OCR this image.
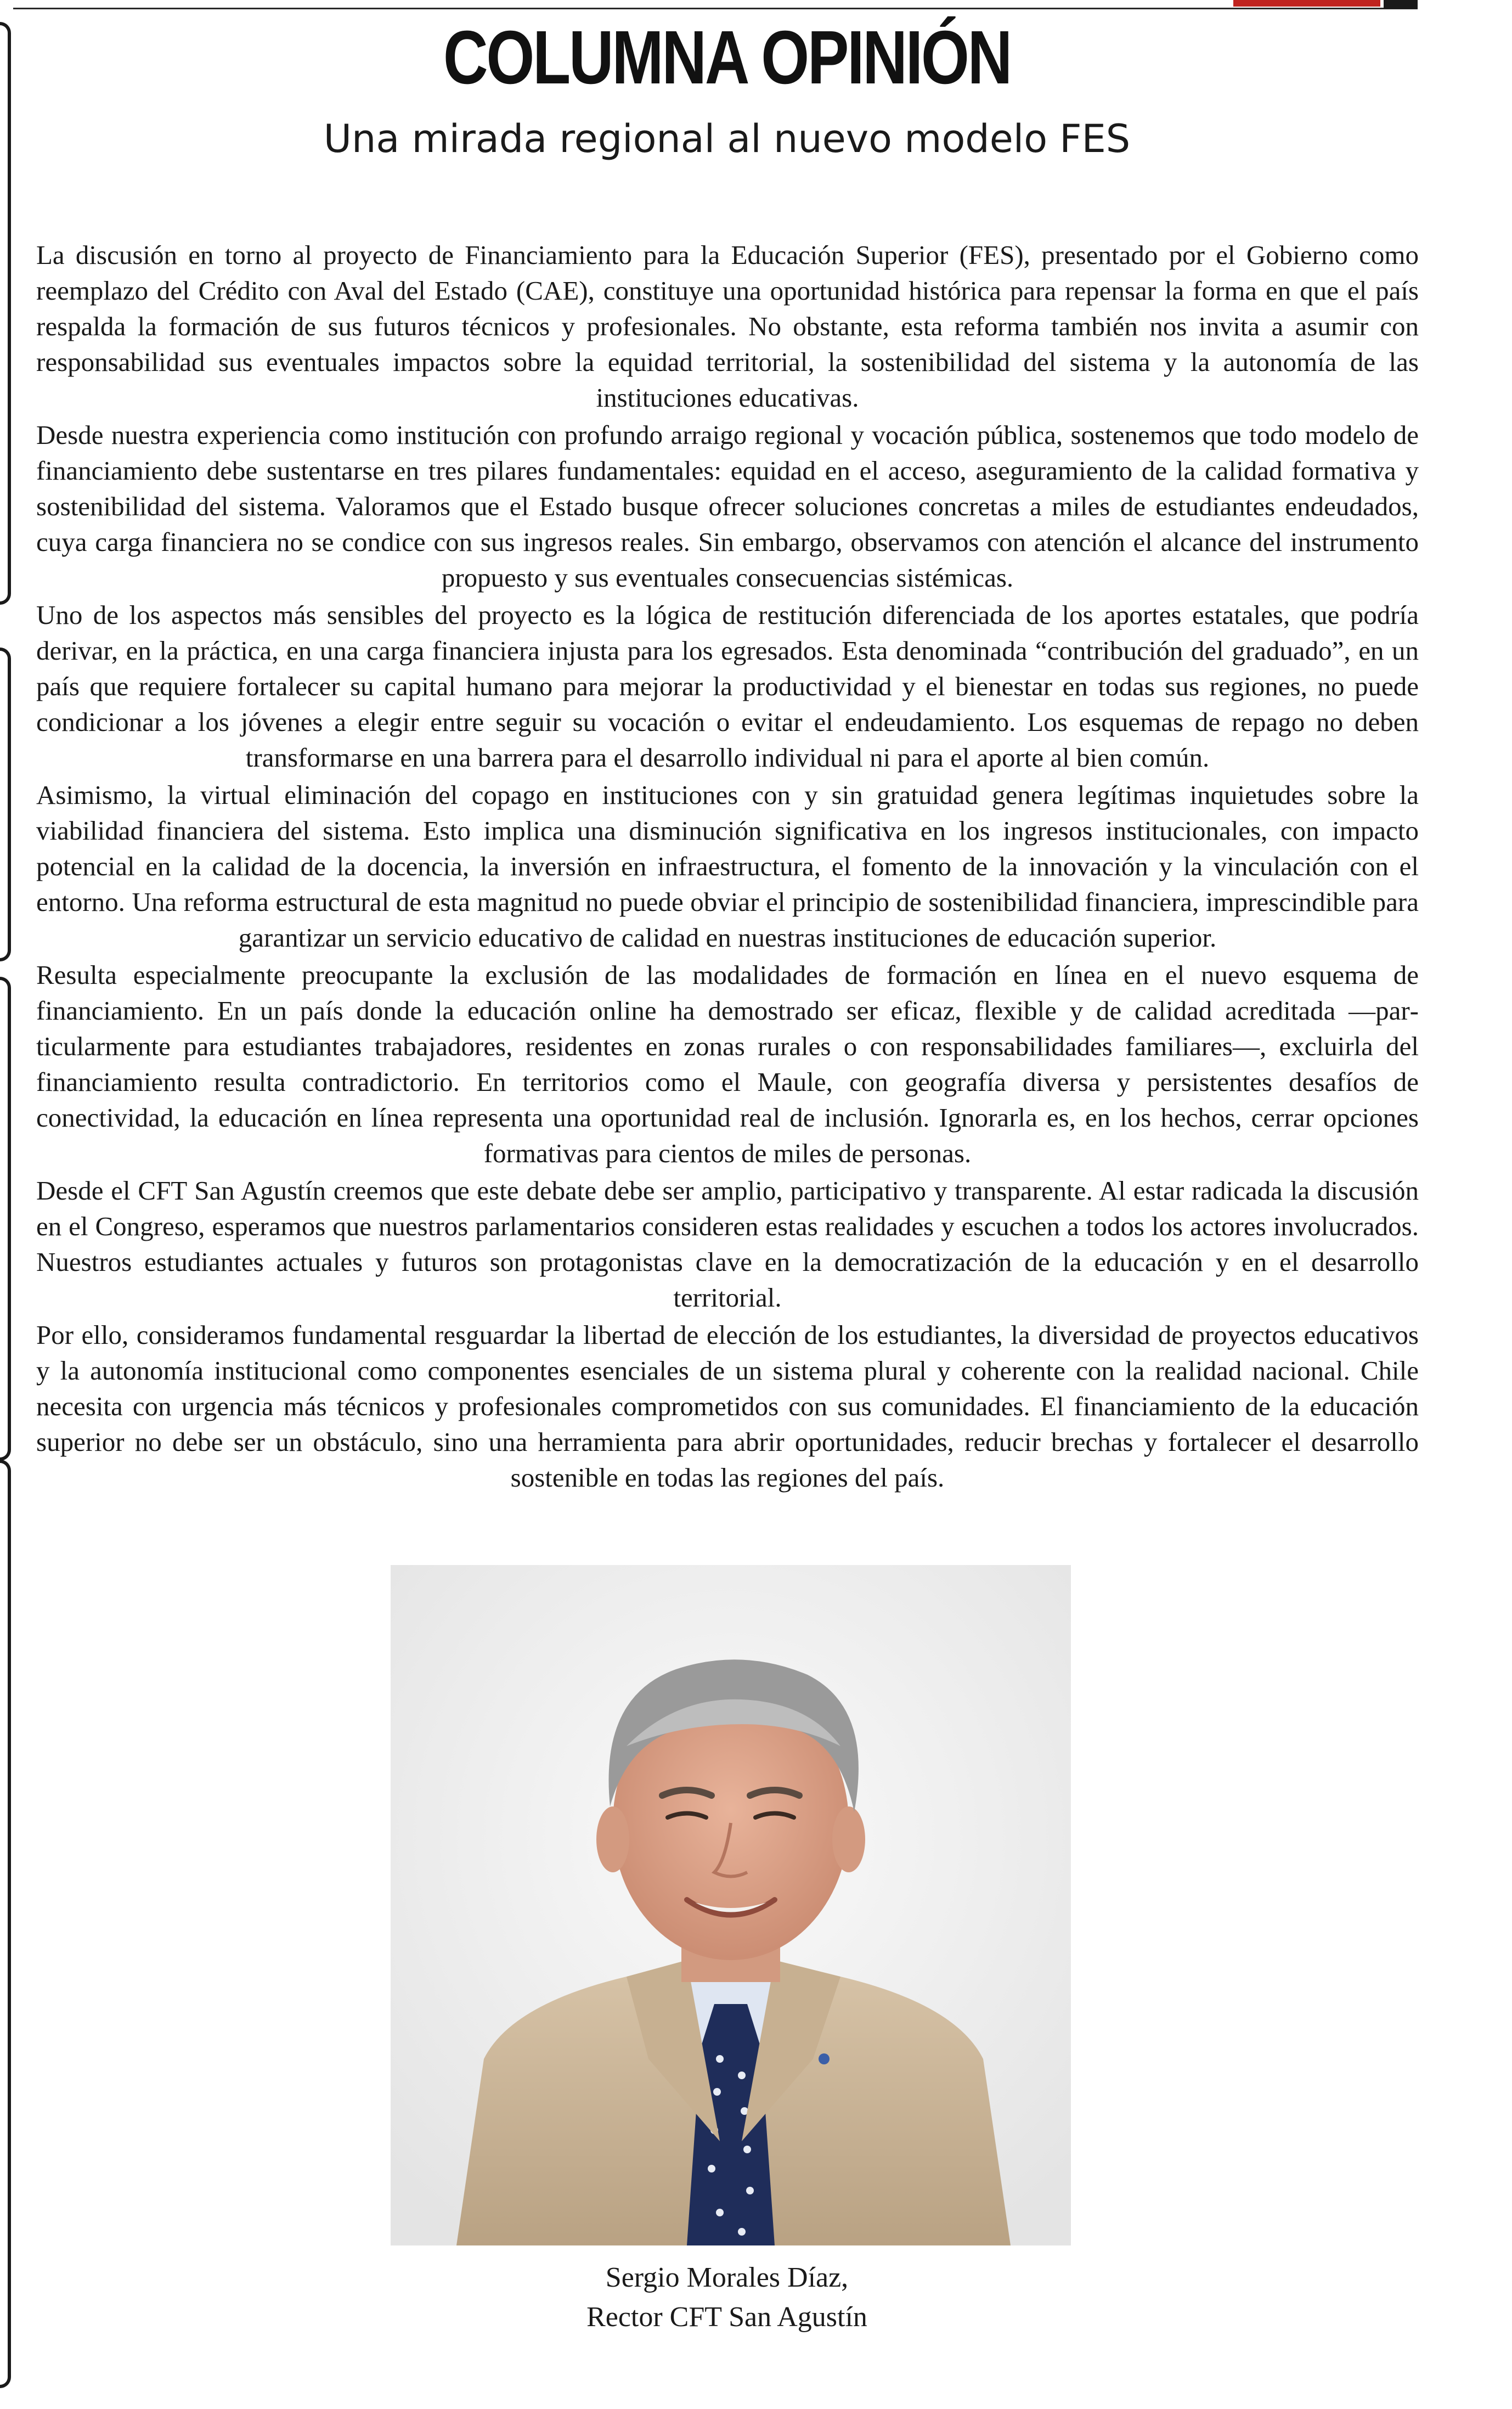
COLUMNA OPINIÓN
Una mirada regional al nuevo modelo FES

La discusión en torno al proyecto de Financiamiento para la Educación Superior (FES), presentado por el Gobierno como reemplazo del Crédito con Aval del Estado (CAE), constituye una oportunidad histórica para repensar la forma en que el país respalda la formación de sus futuros técnicos y profesionales. No obstante, esta reforma también nos invita a asumir con responsabilidad sus eventuales impactos sobre la equidad territorial, la sostenibilidad del sistema y la autonomía de las instituciones educativas.

Desde nuestra experiencia como institución con profundo arraigo regional y vocación pública, sostenemos que todo modelo de financiamiento debe sustentarse en tres pilares fundamentales: equidad en el acceso, aseguramiento de la calidad formativa y sostenibilidad del sistema. Valoramos que el Estado busque ofrecer soluciones concretas a miles de estudiantes endeudados, cuya carga financiera no se condice con sus ingresos reales. Sin embargo, observamos con atención el alcance del instrumento propuesto y sus eventuales consecuencias sistémicas.

Uno de los aspectos más sensibles del proyecto es la lógica de restitución diferenciada de los aportes estatales, que podría derivar, en la práctica, en una carga financiera injusta para los egresados. Esta denominada “contribución del graduado”, en un país que requiere fortalecer su capital humano para mejorar la productividad y el bienestar en todas sus regiones, no puede condicionar a los jóvenes a elegir entre seguir su vocación o evitar el endeudamiento. Los esquemas de repago no deben transformarse en una barrera para el desarrollo individual ni para el aporte al bien común.

Asimismo, la virtual eliminación del copago en instituciones con y sin gratuidad genera legítimas inquietudes sobre la viabilidad financiera del sistema. Esto implica una disminución significativa en los ingresos institucionales, con impacto potencial en la calidad de la docencia, la inversión en infraestructura, el fomento de la innovación y la vinculación con el entorno. Una reforma estructural de esta magnitud no puede obviar el principio de sostenibilidad financiera, imprescindible para garantizar un servicio educativo de calidad en nuestras instituciones de educación superior.

Resulta especialmente preocupante la exclusión de las modalidades de formación en línea en el nuevo esquema de financiamiento. En un país donde la educación online ha demostrado ser eficaz, flexible y de calidad acreditada —particularmente para estudiantes trabajadores, residentes en zonas rurales o con responsabilidades familiares—, excluirla del financiamiento resulta contradictorio. En territorios como el Maule, con geografía diversa y persistentes desafíos de conectividad, la educación en línea representa una oportunidad real de inclusión. Ignorarla es, en los hechos, cerrar opciones formativas para cientos de miles de personas.

Desde el CFT San Agustín creemos que este debate debe ser amplio, participativo y transparente. Al estar radicada la discusión en el Congreso, esperamos que nuestros parlamentarios consideren estas realidades y escuchen a todos los actores involucrados. Nuestros estudiantes actuales y futuros son protagonistas clave en la democratización de la educación y en el desarrollo territorial.

Por ello, consideramos fundamental resguardar la libertad de elección de los estudiantes, la diversidad de proyectos educativos y la autonomía institucional como componentes esenciales de un sistema plural y coherente con la realidad nacional. Chile necesita con urgencia más técnicos y profesionales comprometidos con sus comunidades. El financiamiento de la educación superior no debe ser un obstáculo, sino una herramienta para abrir oportunidades, reducir brechas y fortalecer el desarrollo sostenible en todas las regiones del país.

Sergio Morales Díaz,
Rector CFT San Agustín
